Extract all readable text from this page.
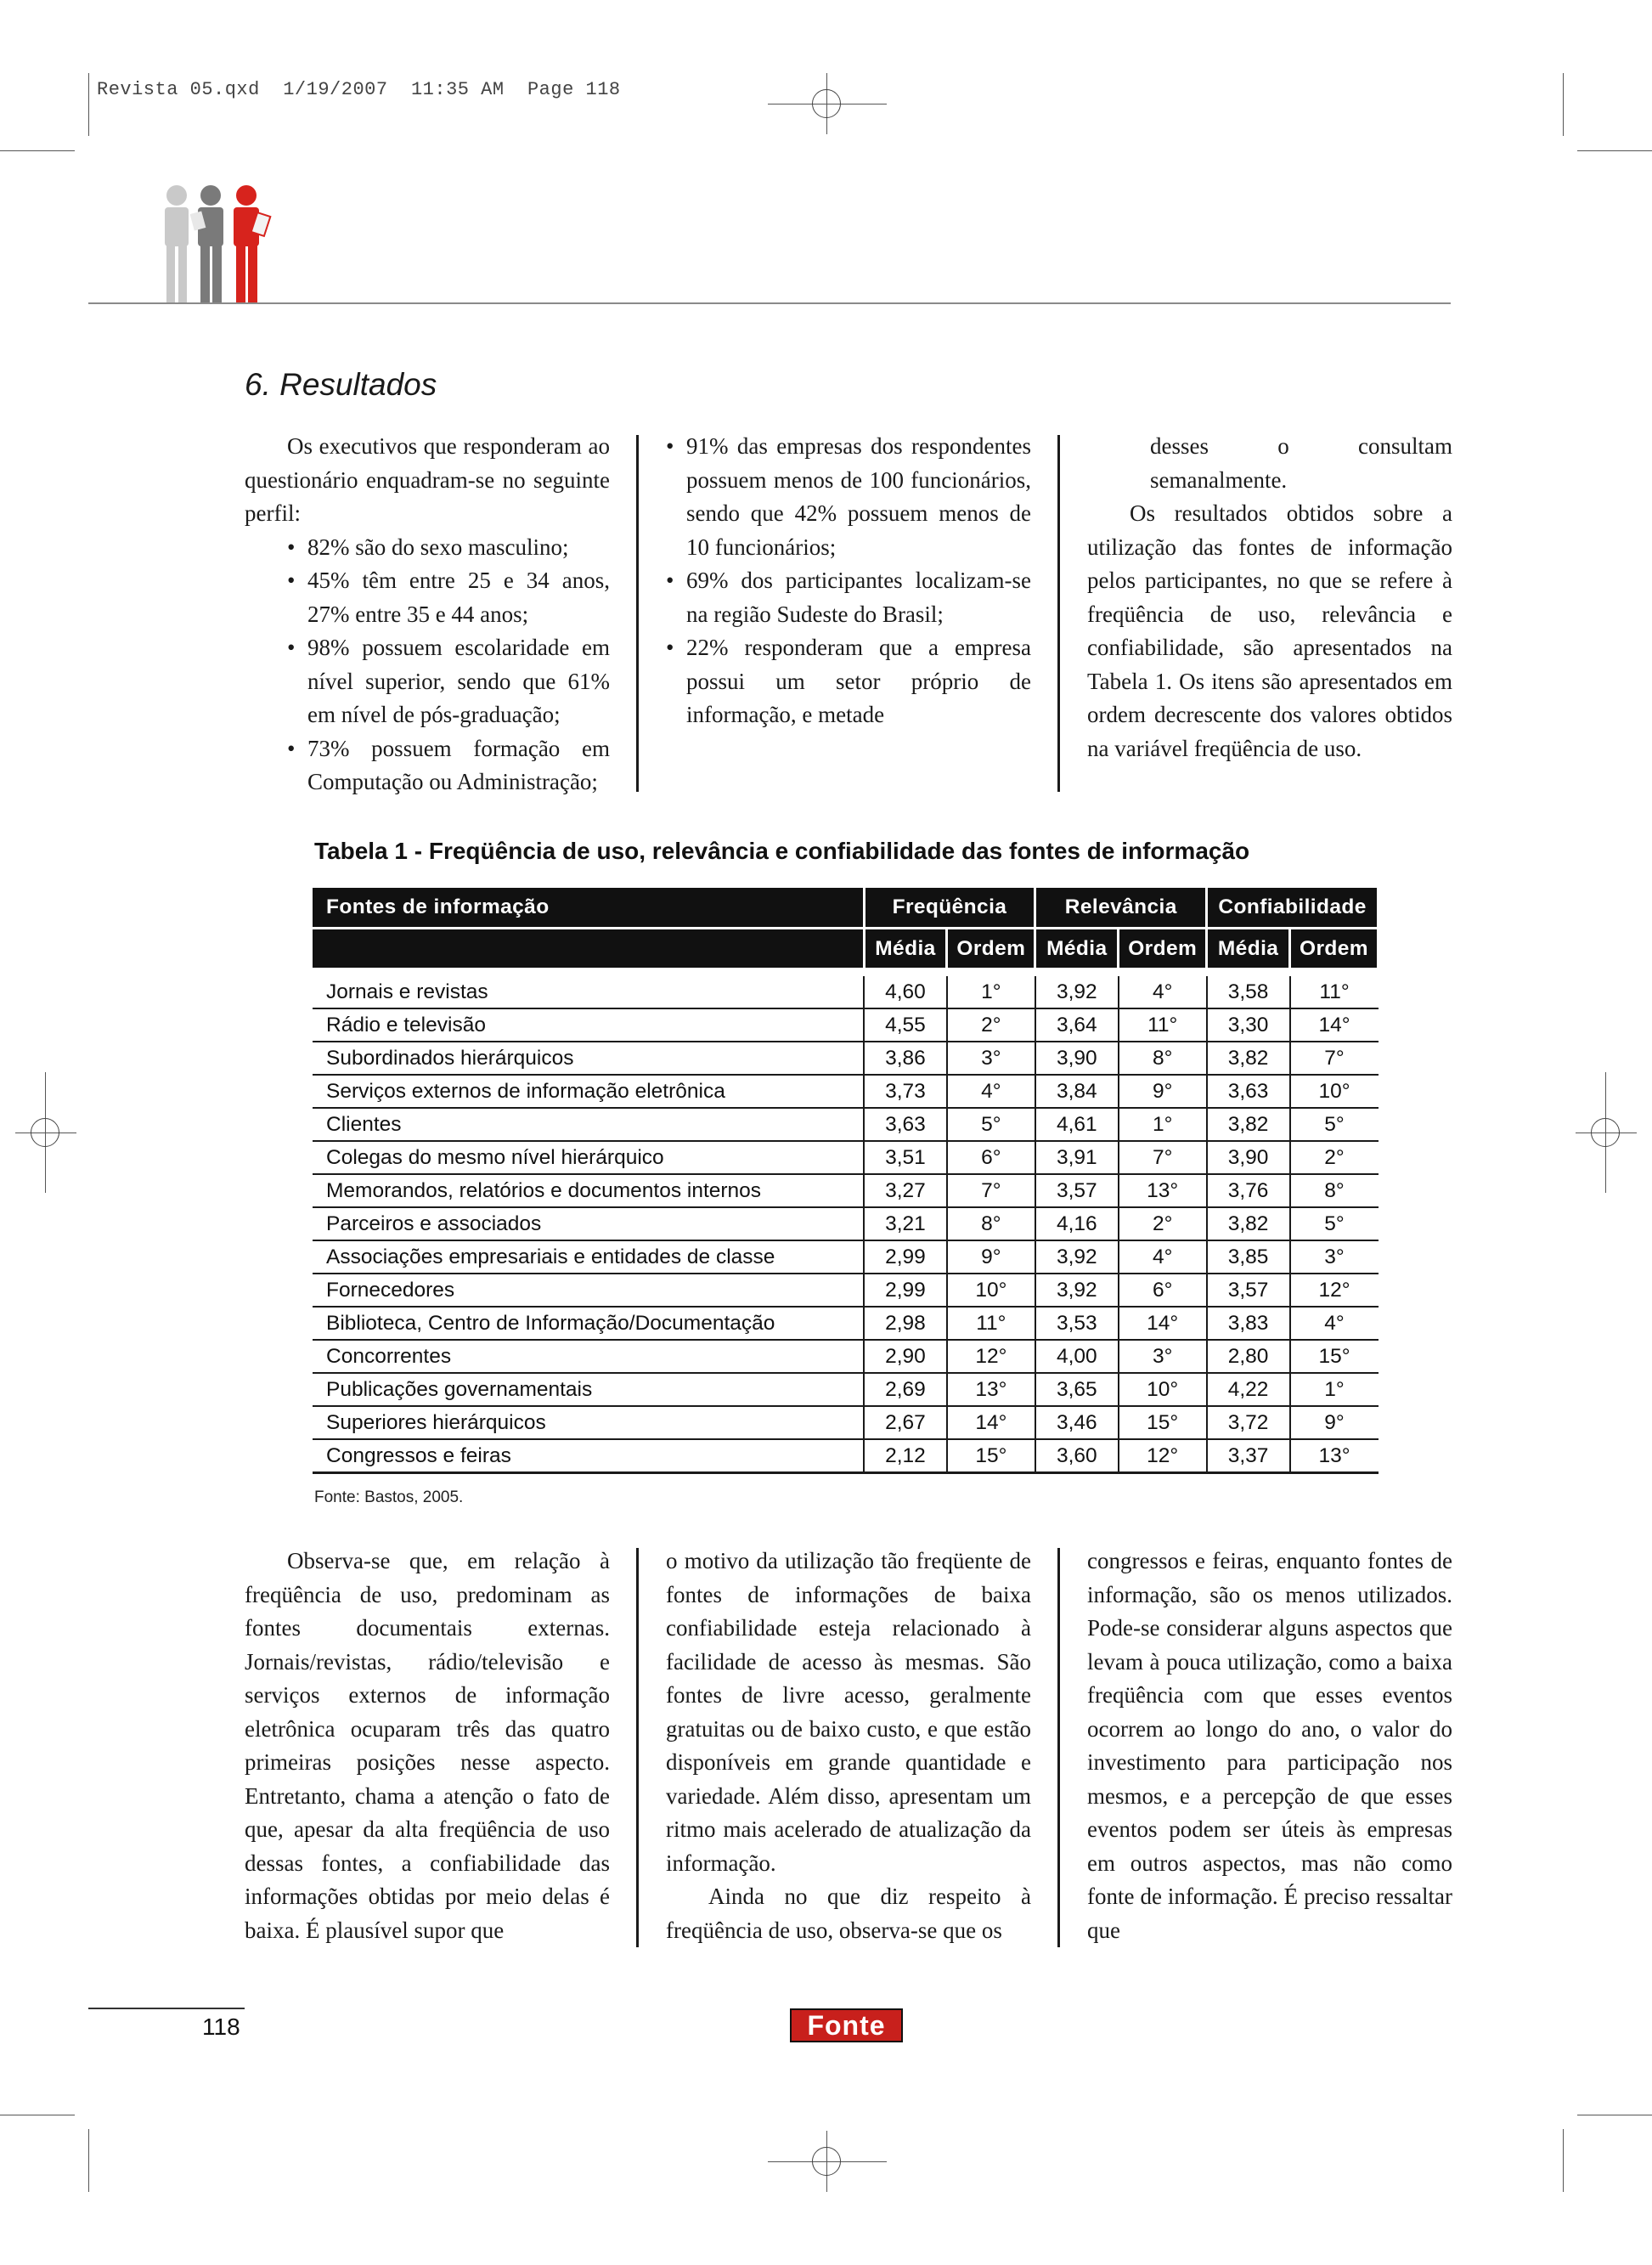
Revista 05.qxd  1/19/2007  11:35 AM  Page 118
6. Resultados

Os executivos que responderam ao questionário enquadram-se no seguinte perfil:

• 82% são do sexo masculino;
• 45% têm entre 25 e 34 anos, 27% entre 35 e 44 anos;
• 98% possuem escolaridade em nível superior, sendo que 61% em nível de pós-graduação;
• 73% possuem formação em Computação ou Administração;
• 91% das empresas dos respondentes possuem menos de 100 funcionários, sendo que 42% possuem menos de 10 funcionários;
• 69% dos participantes localizam-se na região Sudeste do Brasil;
• 22% responderam que a empresa possui um setor próprio de informação, e metade

desses o consultam semanalmente.

Os resultados obtidos sobre a utilização das fontes de informação pelos participantes, no que se refere à freqüência de uso, relevância e confiabilidade, são apresentados na Tabela 1. Os itens são apresentados em ordem decrescente dos valores obtidos na variável freqüência de uso.

Tabela 1 - Freqüência de uso, relevância e confiabilidade das fontes de informação
Fontes de informação	Freqüência		Relevância		Confiabilidade	
	Média	Ordem	Média	Ordem	Média	Ordem

Jornais e revistas	4,60	1°	3,92	4°	3,58	11°
Rádio e televisão	4,55	2°	3,64	11°	3,30	14°
Subordinados hierárquicos	3,86	3°	3,90	8°	3,82	7°
Serviços externos de informação eletrônica	3,73	4°	3,84	9°	3,63	10°
Clientes	3,63	5°	4,61	1°	3,82	5°
Colegas do mesmo nível hierárquico	3,51	6°	3,91	7°	3,90	2°
Memorandos, relatórios e documentos internos	3,27	7°	3,57	13°	3,76	8°
Parceiros e associados	3,21	8°	4,16	2°	3,82	5°
Associações empresariais e entidades de classe	2,99	9°	3,92	4°	3,85	3°
Fornecedores	2,99	10°	3,92	6°	3,57	12°
Biblioteca, Centro de Informação/Documentação	2,98	11°	3,53	14°	3,83	4°
Concorrentes	2,90	12°	4,00	3°	2,80	15°
Publicações governamentais	2,69	13°	3,65	10°	4,22	1°
Superiores hierárquicos	2,67	14°	3,46	15°	3,72	9°
Congressos e feiras	2,12	15°	3,60	12°	3,37	13°
Fonte: Bastos, 2005.

Observa-se que, em relação à freqüência de uso, predominam as fontes documentais externas. Jornais/revistas, rádio/televisão e serviços externos de informação eletrônica ocuparam três das quatro primeiras posições nesse aspecto. Entretanto, chama a atenção o fato de que, apesar da alta freqüência de uso dessas fontes, a confiabilidade das informações obtidas por meio delas é baixa. É plausível supor que

o motivo da utilização tão freqüente de fontes de informações de baixa confiabilidade esteja relacionado à facilidade de acesso às mesmas. São fontes de livre acesso, geralmente gratuitas ou de baixo custo, e que estão disponíveis em grande quantidade e variedade. Além disso, apresentam um ritmo mais acelerado de atualização da informação.

Ainda no que diz respeito à freqüência de uso, observa-se que os

congressos e feiras, enquanto fontes de informação, são os menos utilizados. Pode-se considerar alguns aspectos que levam à pouca utilização, como a baixa freqüência com que esses eventos ocorrem ao longo do ano, o valor do investimento para participação nos mesmos, e a percepção de que esses eventos podem ser úteis às empresas em outros aspectos, mas não como fonte de informação. É preciso ressaltar que

118	Fonte
